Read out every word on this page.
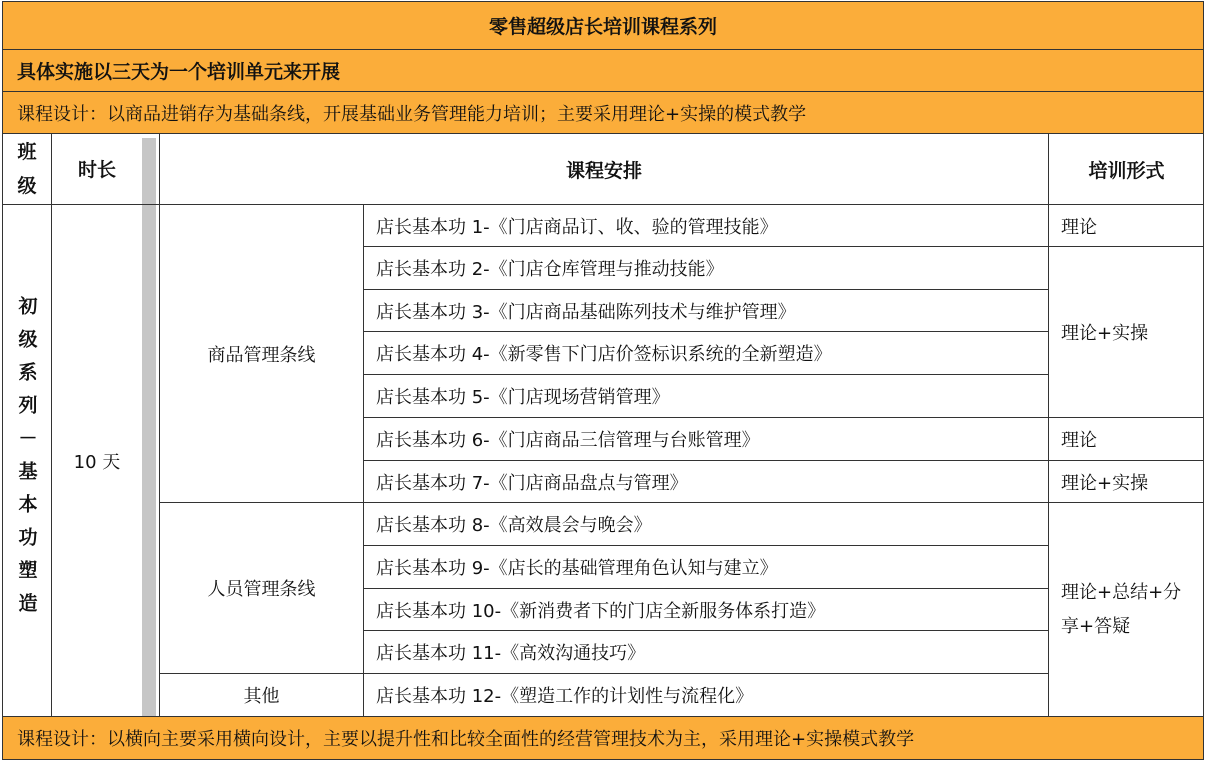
零售超级店长培训课程系列
具体实施以三天为一个培训单元来开展
课程设计：以商品进销存为基础条线，开展基础业务管理能力培训；主要采用理论+实操的模式教学
班级
时长	课程安排	培训形式
初级系列－基本功塑造 10 天
商品管理条线
人员管理条线
其他
店长基本功 1-《门店商品订、收、验的管理技能》
店长基本功 2-《门店仓库管理与推动技能》
店长基本功 3-《门店商品基础陈列技术与维护管理》
店长基本功 4-《新零售下门店价签标识系统的全新塑造》
店长基本功 5-《门店现场营销管理》
店长基本功 6-《门店商品三信管理与台账管理》
店长基本功 7-《门店商品盘点与管理》
店长基本功 8-《高效晨会与晚会》
店长基本功 9-《店长的基础管理角色认知与建立》
店长基本功 10-《新消费者下的门店全新服务体系打造》
店长基本功 11-《高效沟通技巧》
店长基本功 12-《塑造工作的计划性与流程化》
理论
理论+实操
理论
理论+实操
理论+总结+分享+答疑
课程设计：以横向主要采用横向设计，主要以提升性和比较全面性的经营管理技术为主，采用理论+实操模式教学
